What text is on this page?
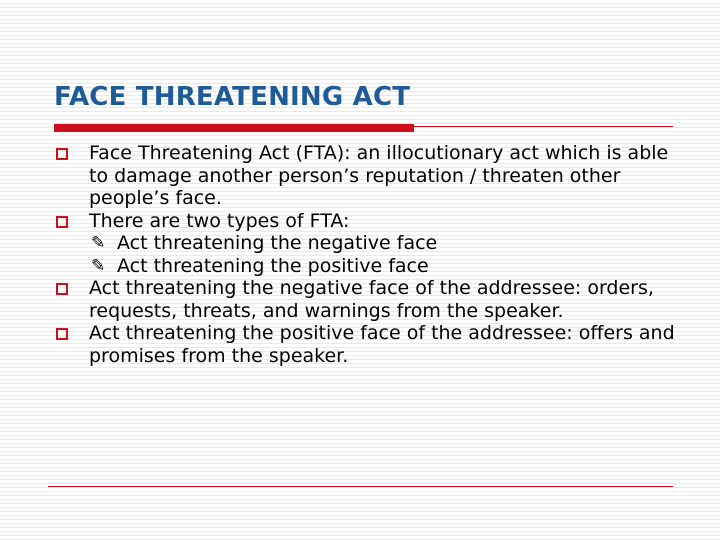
FACE THREATENING ACT
Face Threatening Act (FTA): an illocutionary act which is able to damage another person’s reputation / threaten other people’s face.
There are two types of FTA:
✎ Act threatening the negative face
✎ Act threatening the positive face
Act threatening the negative face of the addressee: orders, requests, threats, and warnings from the speaker.
Act threatening the positive face of the addressee: offers and promises from the speaker.
